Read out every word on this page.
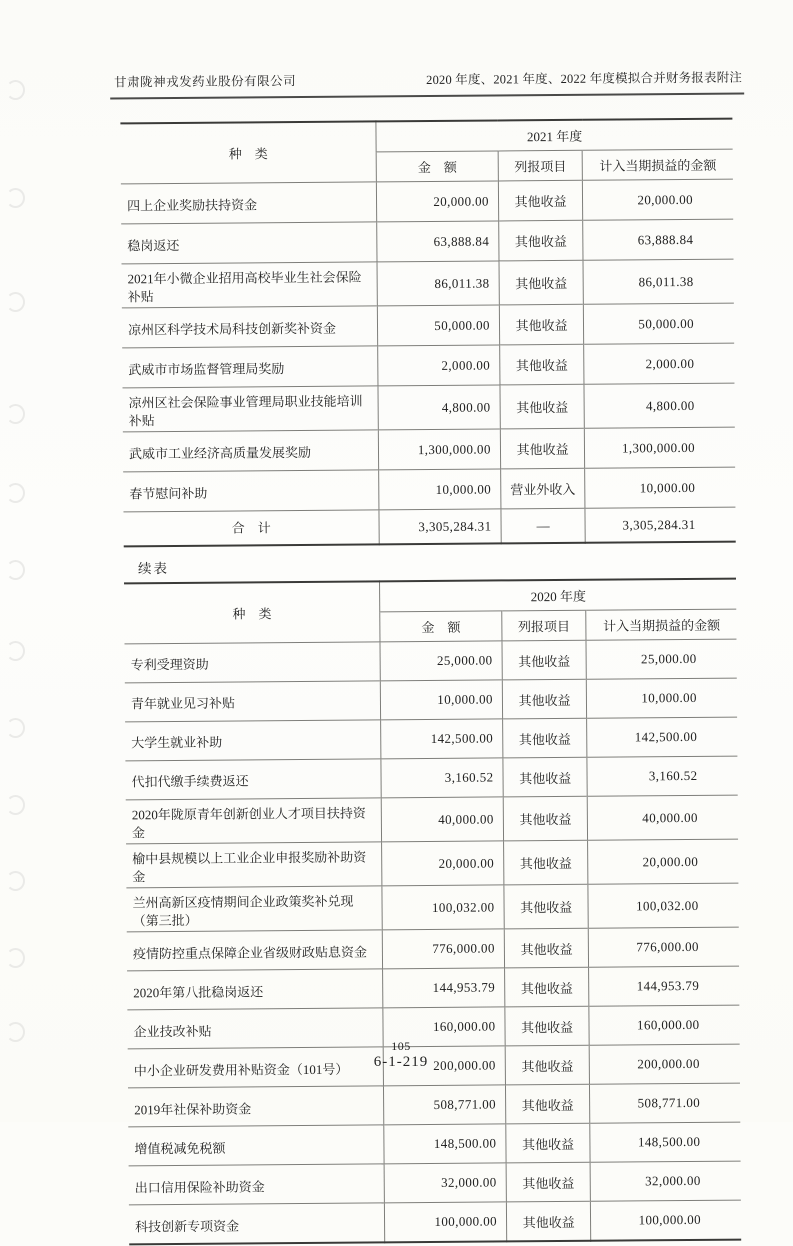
甘肃陇神戎发药业股份有限公司	2020 年度、2021 年度、2022 年度模拟合并财务报表附注
种　类	2021 年度		
	金　额	列报项目	计入当期损益的金额
四上企业奖励扶持资金	20,000.00	其他收益	20,000.00
稳岗返还	63,888.84	其他收益	63,888.84
2021年小微企业招用高校毕业生社会保险补贴	86,011.38	其他收益	86,011.38
凉州区科学技术局科技创新奖补资金	50,000.00	其他收益	50,000.00
武威市市场监督管理局奖励	2,000.00	其他收益	2,000.00
凉州区社会保险事业管理局职业技能培训补贴	4,800.00	其他收益	4,800.00
武威市工业经济高质量发展奖励	1,300,000.00	其他收益	1,300,000.00
春节慰问补助	10,000.00	营业外收入	10,000.00
合　计	3,305,284.31	—	3,305,284.31
续表
种　类	2020 年度		
	金　额	列报项目	计入当期损益的金额
专利受理资助	25,000.00	其他收益	25,000.00
青年就业见习补贴	10,000.00	其他收益	10,000.00
大学生就业补助	142,500.00	其他收益	142,500.00
代扣代缴手续费返还	3,160.52	其他收益	3,160.52
2020年陇原青年创新创业人才项目扶持资金	40,000.00	其他收益	40,000.00
榆中县规模以上工业企业申报奖励补助资金	20,000.00	其他收益	20,000.00
兰州高新区疫情期间企业政策奖补兑现（第三批）	100,032.00	其他收益	100,032.00
疫情防控重点保障企业省级财政贴息资金	776,000.00	其他收益	776,000.00
2020年第八批稳岗返还	144,953.79	其他收益	144,953.79
企业技改补贴	160,000.00	其他收益	160,000.00
中小企业研发费用补贴资金（101号）	200,000.00	其他收益	200,000.00
2019年社保补助资金	508,771.00	其他收益	508,771.00
增值税减免税额	148,500.00	其他收益	148,500.00
出口信用保险补助资金	32,000.00	其他收益	32,000.00
科技创新专项资金	100,000.00	其他收益	100,000.00
105
6-1-219
